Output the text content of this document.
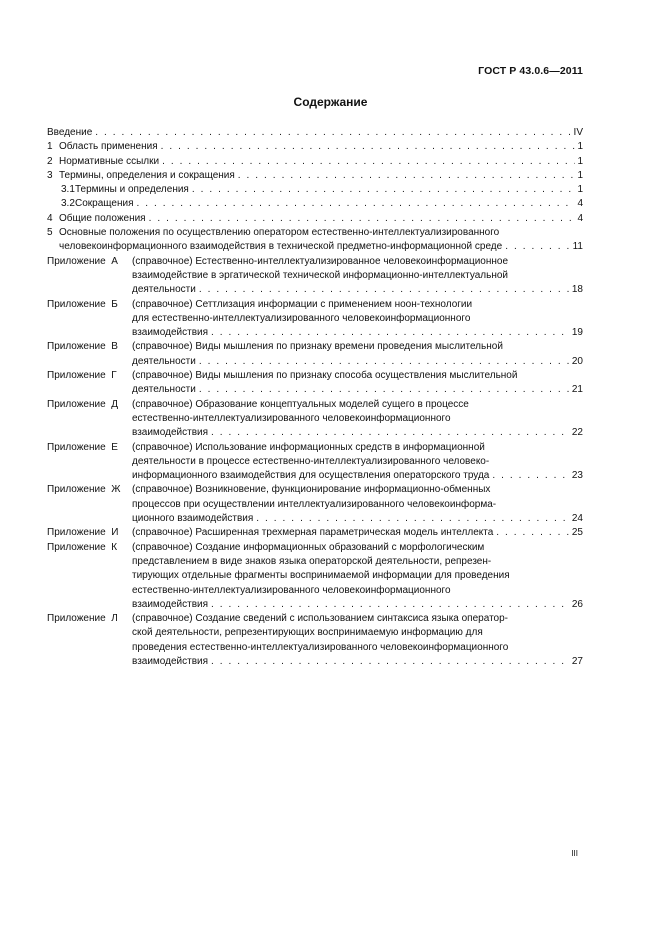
ГОСТ Р 43.0.6—2011
Содержание
Введение . . .	IV
1 Область применения . . .	1
2 Нормативные ссылки . . .	1
3 Термины, определения и сокращения . . .	1
3.1 Термины и определения . . .	1
3.2 Сокращения . . .	4
4 Общие положения . . .	4
5 Основные положения по осуществлению оператором естественно-интеллектуализированного
человекоинформационного взаимодействия в технической предметно-информационной среде . . .	11
Приложение  А	(справочное) Естественно-интеллектуализированное человекоинформационное
взаимодействие в эргатической технической информационно-интеллектуальной
деятельности . . .	18
Приложение  Б	(справочное) Сеттлизация информации с применением ноон-технологии
для естественно-интеллектуализированного человекоинформационного
взаимодействия . . .	19
Приложение  В	(справочное) Виды мышления по признаку времени проведения мыслительной
деятельности . . .	20
Приложение  Г	(справочное) Виды мышления по признаку способа осуществления мыслительной
деятельности . . .	21
Приложение  Д	(справочное) Образование концептуальных моделей сущего в процессе
естественно-интеллектуализированного человекоинформационного
взаимодействия . . .	22
Приложение  Е	(справочное) Использование информационных средств в информационной
деятельности в процессе естественно-интеллектуализированного человеко-
информационного взаимодействия для осуществления операторского труда . . .	23
Приложение  Ж	(справочное) Возникновение, функционирование информационно-обменных
процессов при осуществлении интеллектуализированного человекоинформа-
ционного взаимодействия . . .	24
Приложение  И	(справочное) Расширенная трехмерная параметрическая модель интеллекта . . .	25
Приложение  К	(справочное) Создание информационных образований с морфологическим
представлением в виде знаков языка операторской деятельности, репрезен-
тирующих отдельные фрагменты воспринимаемой информации для проведения
естественно-интеллектуализированного человекоинформационного
взаимодействия . . .	26
Приложение  Л	(справочное) Создание сведений с использованием синтаксиса языка оператор-
ской деятельности, репрезентирующих воспринимаемую информацию для
проведения естественно-интеллектуализированного человекоинформационного
взаимодействия . . .	27
III
